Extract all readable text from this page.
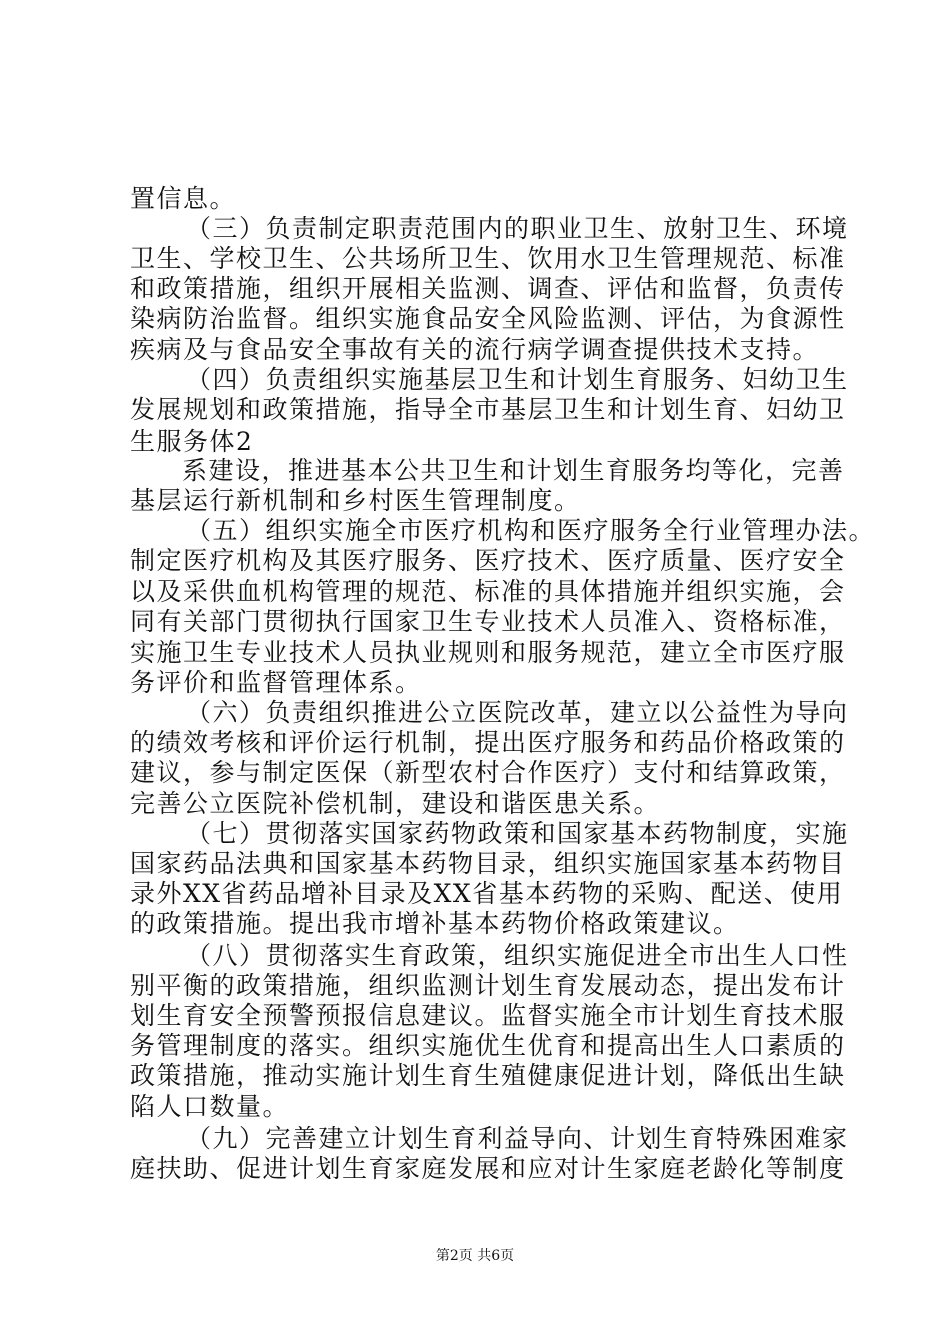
置信息。
（三）负责制定职责范围内的职业卫生、放射卫生、环境
卫生、学校卫生、公共场所卫生、饮用水卫生管理规范、标准
和政策措施，组织开展相关监测、调查、评估和监督，负责传
染病防治监督。组织实施食品安全风险监测、评估，为食源性
疾病及与食品安全事故有关的流行病学调查提供技术支持。
（四）负责组织实施基层卫生和计划生育服务、妇幼卫生
发展规划和政策措施，指导全市基层卫生和计划生育、妇幼卫
生服务体2
系建设，推进基本公共卫生和计划生育服务均等化，完善
基层运行新机制和乡村医生管理制度。
（五）组织实施全市医疗机构和医疗服务全行业管理办法。
制定医疗机构及其医疗服务、医疗技术、医疗质量、医疗安全
以及采供血机构管理的规范、标准的具体措施并组织实施，会
同有关部门贯彻执行国家卫生专业技术人员准入、资格标准，
实施卫生专业技术人员执业规则和服务规范，建立全市医疗服
务评价和监督管理体系。
（六）负责组织推进公立医院改革，建立以公益性为导向
的绩效考核和评价运行机制，提出医疗服务和药品价格政策的
建议，参与制定医保（新型农村合作医疗）支付和结算政策，
完善公立医院补偿机制，建设和谐医患关系。
（七）贯彻落实国家药物政策和国家基本药物制度，实施
国家药品法典和国家基本药物目录，组织实施国家基本药物目
录外XX省药品增补目录及XX省基本药物的采购、配送、使用
的政策措施。提出我市增补基本药物价格政策建议。
（八）贯彻落实生育政策，组织实施促进全市出生人口性
别平衡的政策措施，组织监测计划生育发展动态，提出发布计
划生育安全预警预报信息建议。监督实施全市计划生育技术服
务管理制度的落实。组织实施优生优育和提高出生人口素质的
政策措施，推动实施计划生育生殖健康促进计划，降低出生缺
陷人口数量。
（九）完善建立计划生育利益导向、计划生育特殊困难家
庭扶助、促进计划生育家庭发展和应对计生家庭老龄化等制度
第2页 共6页
